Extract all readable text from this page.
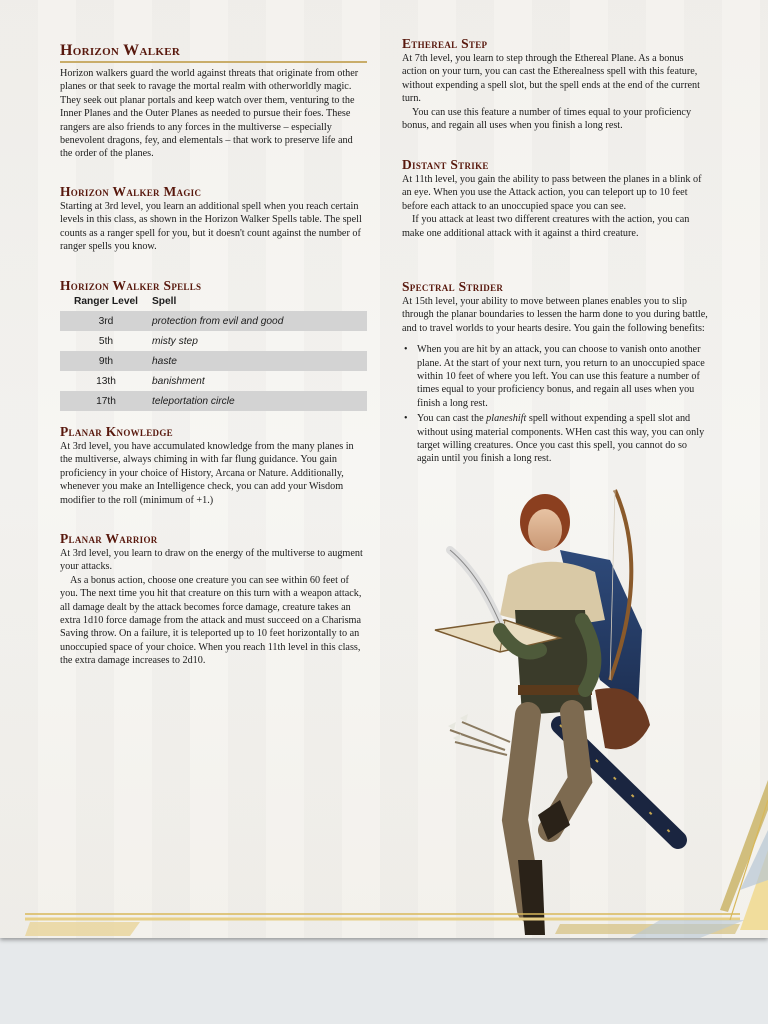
Horizon Walker

Horizon walkers guard the world against threats that originate from other planes or that seek to ravage the mortal realm with otherworldly magic. They seek out planar portals and keep watch over them, venturing to the Inner Planes and the Outer Planes as needed to pursue their foes. These rangers are also friends to any forces in the multiverse – especially benevolent dragons, fey, and elementals – that work to preserve life and the order of the planes.

Horizon Walker Magic

Starting at 3rd level, you learn an additional spell when you reach certain levels in this class, as shown in the Horizon Walker Spells table. The spell counts as a ranger spell for you, but it doesn't count against the number of ranger spells you know.

Horizon Walker Spells
Ranger Level	Spell
3rd	protection from evil and good
5th	misty step
9th	haste
13th	banishment
17th	teleportation circle
Planar Knowledge

At 3rd level, you have accumulated knowledge from the many planes in the multiverse, always chiming in with far flung guidance. You gain proficiency in your choice of History, Arcana or Nature. Additionally, whenever you make an Intelligence check, you can add your Wisdom modifier to the roll (minimum of +1.)

Planar Warrior

At 3rd level, you learn to draw on the energy of the multiverse to augment your attacks.

As a bonus action, choose one creature you can see within 60 feet of you. The next time you hit that creature on this turn with a weapon attack, all damage dealt by the attack becomes force damage, creature takes an extra 1d10 force damage from the attack and must succeed on a Charisma Saving throw. On a failure, it is teleported up to 10 feet horizontally to an unoccupied space of your choice. When you reach 11th level in this class, the extra damage increases to 2d10.

Ethereal Step

At 7th level, you learn to step through the Ethereal Plane. As a bonus action on your turn, you can cast the Etherealness spell with this feature, without expending a spell slot, but the spell ends at the end of the current turn.

You can use this feature a number of times equal to your proficiency bonus, and regain all uses when you finish a long rest.

Distant Strike

At 11th level, you gain the ability to pass between the planes in a blink of an eye. When you use the Attack action, you can teleport up to 10 feet before each attack to an unoccupied space you can see.

If you attack at least two different creatures with the action, you can make one additional attack with it against a third creature.

Spectral Strider

At 15th level, your ability to move between planes enables you to slip through the planar boundaries to lessen the harm done to you during battle, and to travel worlds to your hearts desire. You gain the following benefits:

• When you are hit by an attack, you can choose to vanish onto another plane. At the start of your next turn, you return to an unoccupied space within 10 feet of where you left. You can use this feature a number of times equal to your proficiency bonus, and regain all uses when you finish a long rest.
• You can cast the planeshift spell without expending a spell slot and without using material components. WHen cast this way, you can only target willing creatures. Once you cast this spell, you cannot do so again until you finish a long rest.
